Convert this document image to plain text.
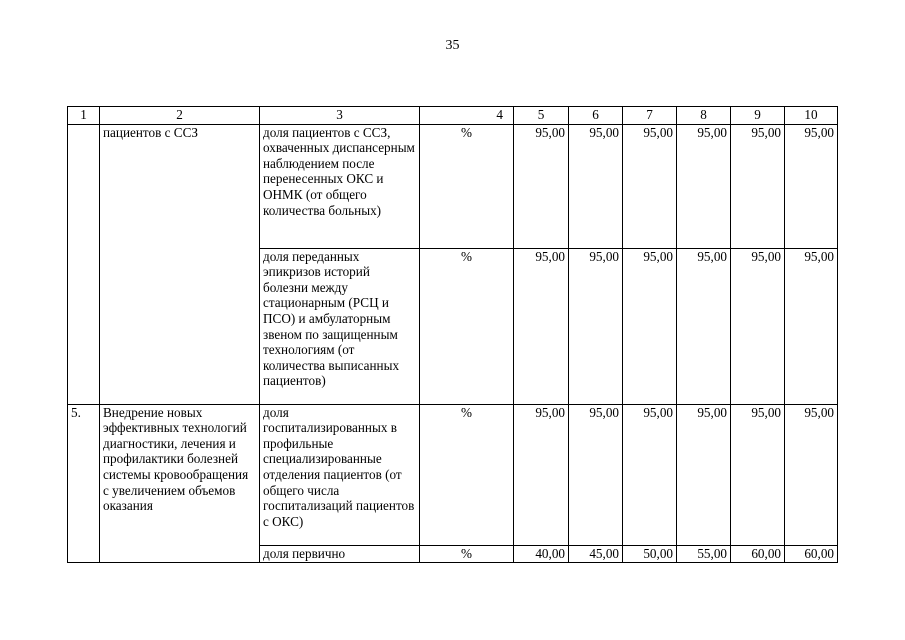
35
1	2	3	4	5	6	7	8	9	10
	пациентов с ССЗ	доля пациентов с ССЗ, охваченных диспансерным наблюдением после перенесенных ОКС и ОНМК (от общего количества больных)	%	95,00	95,00	95,00	95,00	95,00	95,00
		доля переданных эпикризов историй болезни между стационарным (РСЦ и ПСО) и амбулаторным звеном по защищенным технологиям (от количества выписанных пациентов)	%	95,00	95,00	95,00	95,00	95,00	95,00
5.	Внедрение новых эффективных технологий диагностики, лечения и профилактики болезней системы кровообращения с увеличением объемов оказания	доля госпитализированных в профильные специализированные отделения пациентов (от общего числа госпитализаций пациентов с ОКС)	%	95,00	95,00	95,00	95,00	95,00	95,00
		доля первично	%	40,00	45,00	50,00	55,00	60,00	60,00
